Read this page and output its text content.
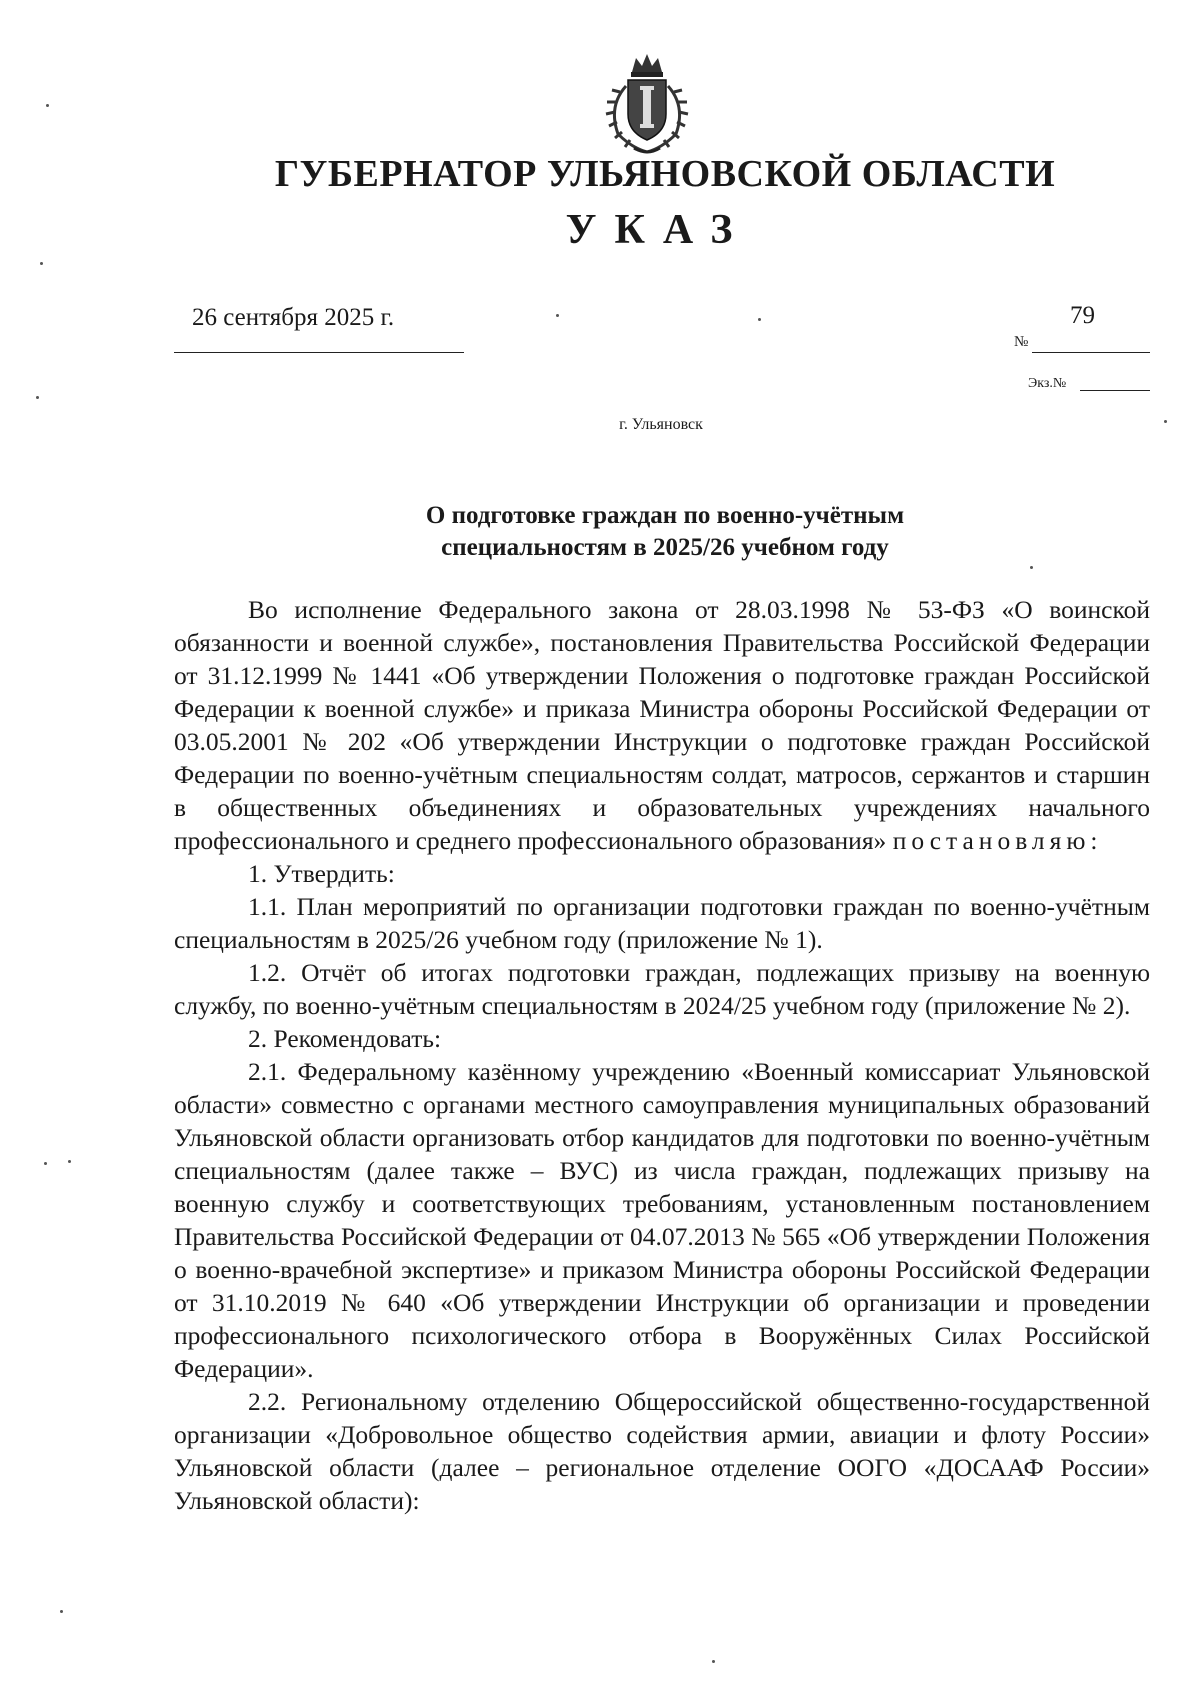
ГУБЕРНАТОР УЛЬЯНОВСКОЙ ОБЛАСТИ
УКАЗ
26 сентября 2025 г.
№
79
Экз.№
г. Ульяновск
О подготовке граждан по военно-учётным
специальностям в 2025/26 учебном году

Во исполнение Федерального закона от 28.03.1998 № 53-ФЗ «О воинской обязанности и военной службе», постановления Правительства Российской Федерации от 31.12.1999 № 1441 «Об утверждении Положения о подготовке граждан Российской Федерации к военной службе» и приказа Министра обороны Российской Федерации от 03.05.2001 № 202 «Об утверждении Инструкции о подготовке граждан Российской Федерации по военно-учётным специальностям солдат, матросов, сержантов и старшин в общественных объединениях и образовательных учреждениях начального профессионального и среднего профессионального образования» постановляю:

1. Утвердить:

1.1. План мероприятий по организации подготовки граждан по военно-учётным специальностям в 2025/26 учебном году (приложение № 1).

1.2. Отчёт об итогах подготовки граждан, подлежащих призыву на военную службу, по военно-учётным специальностям в 2024/25 учебном году (приложение № 2).

2. Рекомендовать:

2.1. Федеральному казённому учреждению «Военный комиссариат Ульяновской области» совместно с органами местного самоуправления муниципальных образований Ульяновской области организовать отбор кандидатов для подготовки по военно-учётным специальностям (далее также – ВУС) из числа граждан, подлежащих призыву на военную службу и соответствующих требованиям, установленным постановлением Правительства Российской Федерации от 04.07.2013 № 565 «Об утверждении Положения о военно-врачебной экспертизе» и приказом Министра обороны Российской Федерации от 31.10.2019 № 640 «Об утверждении Инструкции об организации и проведении профессионального психологического отбора в Вооружённых Силах Российской Федерации».

2.2. Региональному отделению Общероссийской общественно-государственной организации «Добровольное общество содействия армии, авиации и флоту России» Ульяновской области (далее – региональное отделение ООГО «ДОСААФ России» Ульяновской области):
